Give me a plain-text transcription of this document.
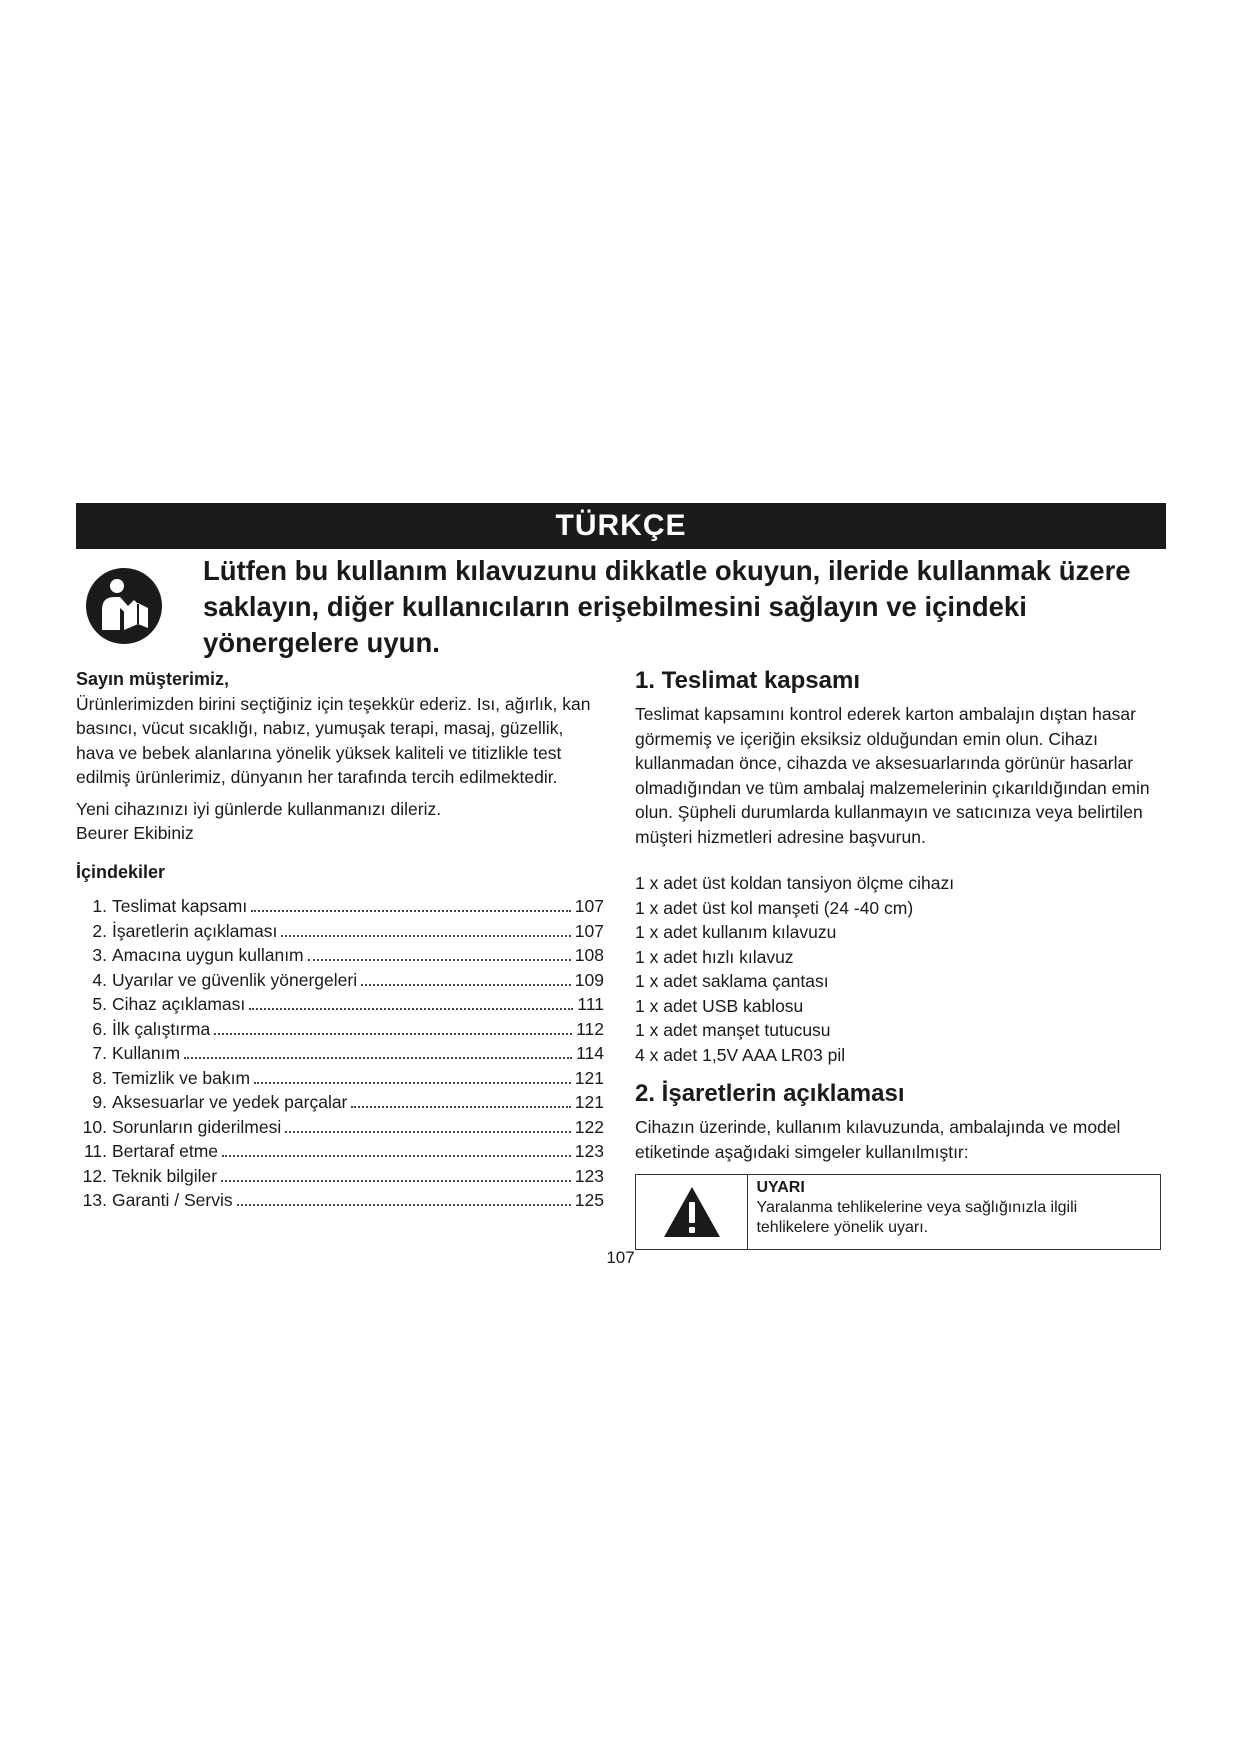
TÜRKÇE
Lütfen bu kullanım kılavuzunu dikkatle okuyun, ileride kullanmak üzere saklayın, diğer kullanıcıların erişebilmesini sağlayın ve içindeki yönergelere uyun.

Sayın müşterimiz,

Ürünlerimizden birini seçtiğiniz için teşekkür ederiz. Isı, ağırlık, kan basıncı, vücut sıcaklığı, nabız, yumuşak terapi, masaj, güzellik, hava ve bebek alanlarına yönelik yüksek kaliteli ve titizlikle test edilmiş ürünlerimiz, dünyanın her tarafında tercih edilmektedir.

Yeni cihazınızı iyi günlerde kullanmanızı dileriz.

Beurer Ekibiniz

İçindekiler

1. Teslimat kapsamı	107
2. İşaretlerin açıklaması	107
3. Amacına uygun kullanım	108
4. Uyarılar ve güvenlik yönergeleri	109
5. Cihaz açıklaması	111
6. İlk çalıştırma	112
7. Kullanım	114
8. Temizlik ve bakım	121
9. Aksesuarlar ve yedek parçalar	121
10. Sorunların giderilmesi	122
11. Bertaraf etme	123
12. Teknik bilgiler	123
13. Garanti / Servis	125

1. Teslimat kapsamı

Teslimat kapsamını kontrol ederek karton ambalajın dıştan hasar görmemiş ve içeriğin eksiksiz olduğundan emin olun. Cihazı kullanmadan önce, cihazda ve aksesuarlarında görünür hasarlar olmadığından ve tüm ambalaj malzemelerinin çıkarıldığından emin olun. Şüpheli durumlarda kullanmayın ve satıcınıza veya belirtilen müşteri hizmetleri adresine başvurun.

1 x adet üst koldan tansiyon ölçme cihazı

1 x adet üst kol manşeti (24 -40 cm)

1 x adet kullanım kılavuzu

1 x adet hızlı kılavuz

1 x adet saklama çantası

1 x adet USB kablosu

1 x adet manşet tutucusu

4 x adet 1,5V AAA LR03 pil

2. İşaretlerin açıklaması

Cihazın üzerinde, kullanım kılavuzunda, ambalajında ve model etiketinde aşağıdaki simgeler kullanılmıştır:

UYARI

Yaralanma tehlikelerine veya sağlığınızla ilgili tehlikelere yönelik uyarı.

107
